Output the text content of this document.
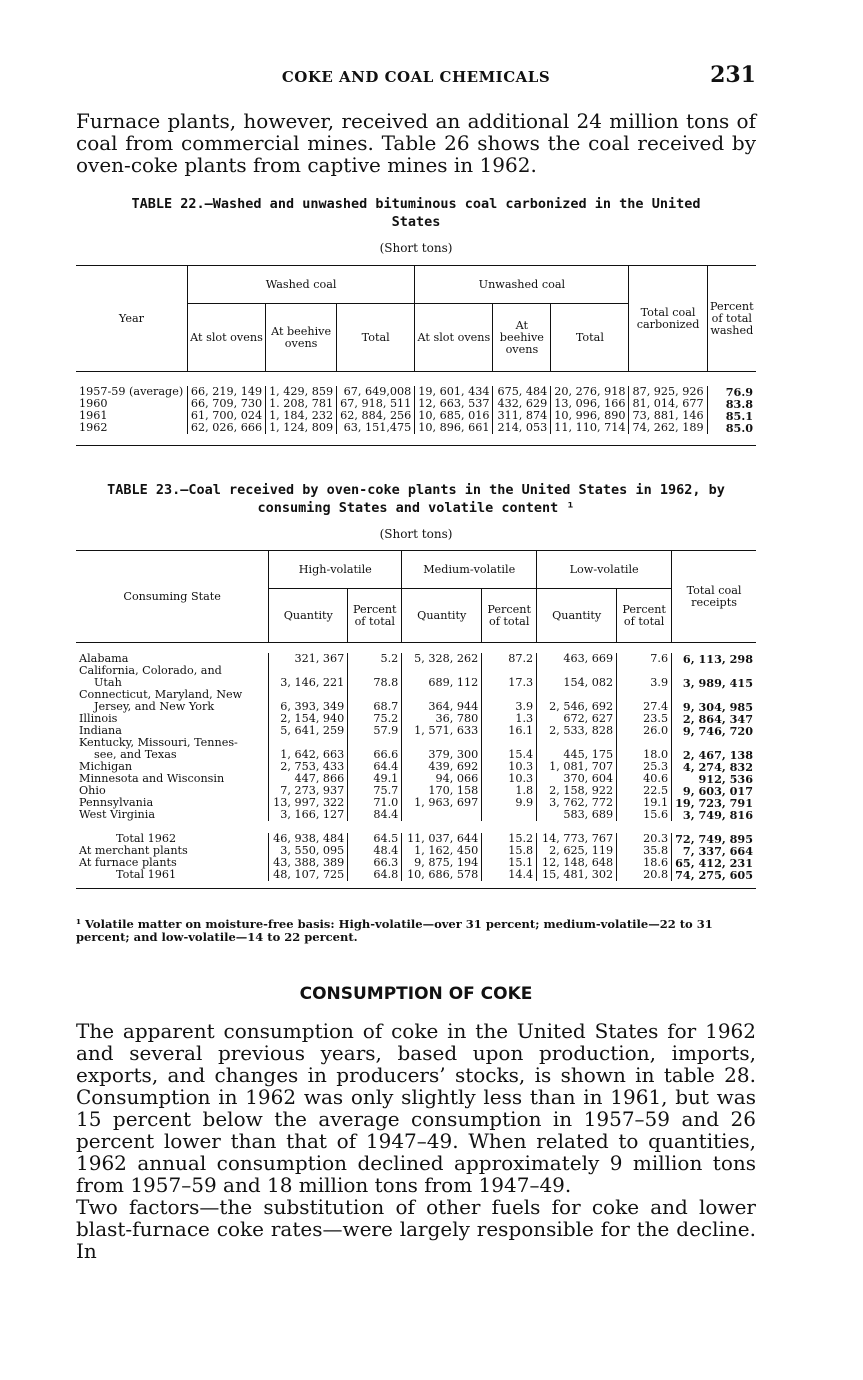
COKE AND COAL CHEMICALS	231

Furnace plants, however, received an additional 24 million tons of coal from commercial mines. Table 26 shows the coal received by oven-coke plants from captive mines in 1962.

TABLE 22.—Washed and unwashed bituminous coal carbonized in the United
States
(Short tons)
Year	Washed coal			Unwashed coal			Total coal carbonized	Percent of total washed
	At slot ovens	At beehive ovens	Total	At slot ovens	At beehive ovens	Total		

1957-59 (average)	66, 219, 149	1, 429, 859	67, 649,008	19, 601, 434	675, 484	20, 276, 918	87, 925, 926	76.9
1960	66, 709, 730	1. 208, 781	67, 918, 511	12, 663, 537	432, 629	13, 096, 166	81, 014, 677	83.8
1961	61, 700, 024	1, 184, 232	62, 884, 256	10, 685, 016	311, 874	10, 996, 890	73, 881, 146	85.1
1962	62, 026, 666	1, 124, 809	63, 151,475	10, 896, 661	214, 053	11, 110, 714	74, 262, 189	85.0

TABLE 23.—Coal received by oven-coke plants in the United States in 1962, by
consuming States and volatile content ¹
(Short tons)
Consuming State	High-volatile		Medium-volatile		Low-volatile		Total coal receipts
	Quantity	Percent of total	Quantity	Percent of total	Quantity	Percent of total	

Alabama	321, 367	5.2	5, 328, 262	87.2	463, 669	7.6	6, 113, 298
California, Colorado, and							
Utah	3, 146, 221	78.8	689, 112	17.3	154, 082	3.9	3, 989, 415
Connecticut, Maryland, New							
Jersey, and New York	6, 393, 349	68.7	364, 944	3.9	2, 546, 692	27.4	9, 304, 985
Illinois	2, 154, 940	75.2	36, 780	1.3	672, 627	23.5	2, 864, 347
Indiana	5, 641, 259	57.9	1, 571, 633	16.1	2, 533, 828	26.0	9, 746, 720
Kentucky, Missouri, Tennes-							
see, and Texas	1, 642, 663	66.6	379, 300	15.4	445, 175	18.0	2, 467, 138
Michigan	2, 753, 433	64.4	439, 692	10.3	1, 081, 707	25.3	4, 274, 832
Minnesota and Wisconsin	447, 866	49.1	94, 066	10.3	370, 604	40.6	912, 536
Ohio	7, 273, 937	75.7	170, 158	1.8	2, 158, 922	22.5	9, 603, 017
Pennsylvania	13, 997, 322	71.0	1, 963, 697	9.9	3, 762, 772	19.1	19, 723, 791
West Virginia	3, 166, 127	84.4			583, 689	15.6	3, 749, 816

Total 1962	46, 938, 484	64.5	11, 037, 644	15.2	14, 773, 767	20.3	72, 749, 895
At merchant plants	3, 550, 095	48.4	1, 162, 450	15.8	2, 625, 119	35.8	7, 337, 664
At furnace plants	43, 388, 389	66.3	9, 875, 194	15.1	12, 148, 648	18.6	65, 412, 231
Total 1961	48, 107, 725	64.8	10, 686, 578	14.4	15, 481, 302	20.8	74, 275, 605

¹ Volatile matter on moisture-free basis: High-volatile—over 31 percent; medium-volatile—22 to 31 percent; and low-volatile—14 to 22 percent.
CONSUMPTION OF COKE

The apparent consumption of coke in the United States for 1962 and several previous years, based upon production, imports, exports, and changes in producers’ stocks, is shown in table 28. Consumption in 1962 was only slightly less than in 1961, but was 15 percent below the average consumption in 1957–59 and 26 percent lower than that of 1947–49. When related to quantities, 1962 annual consumption declined approximately 9 million tons from 1957–59 and 18 million tons from 1947–49.

Two factors—the substitution of other fuels for coke and lower blast-furnace coke rates—were largely responsible for the decline. In
